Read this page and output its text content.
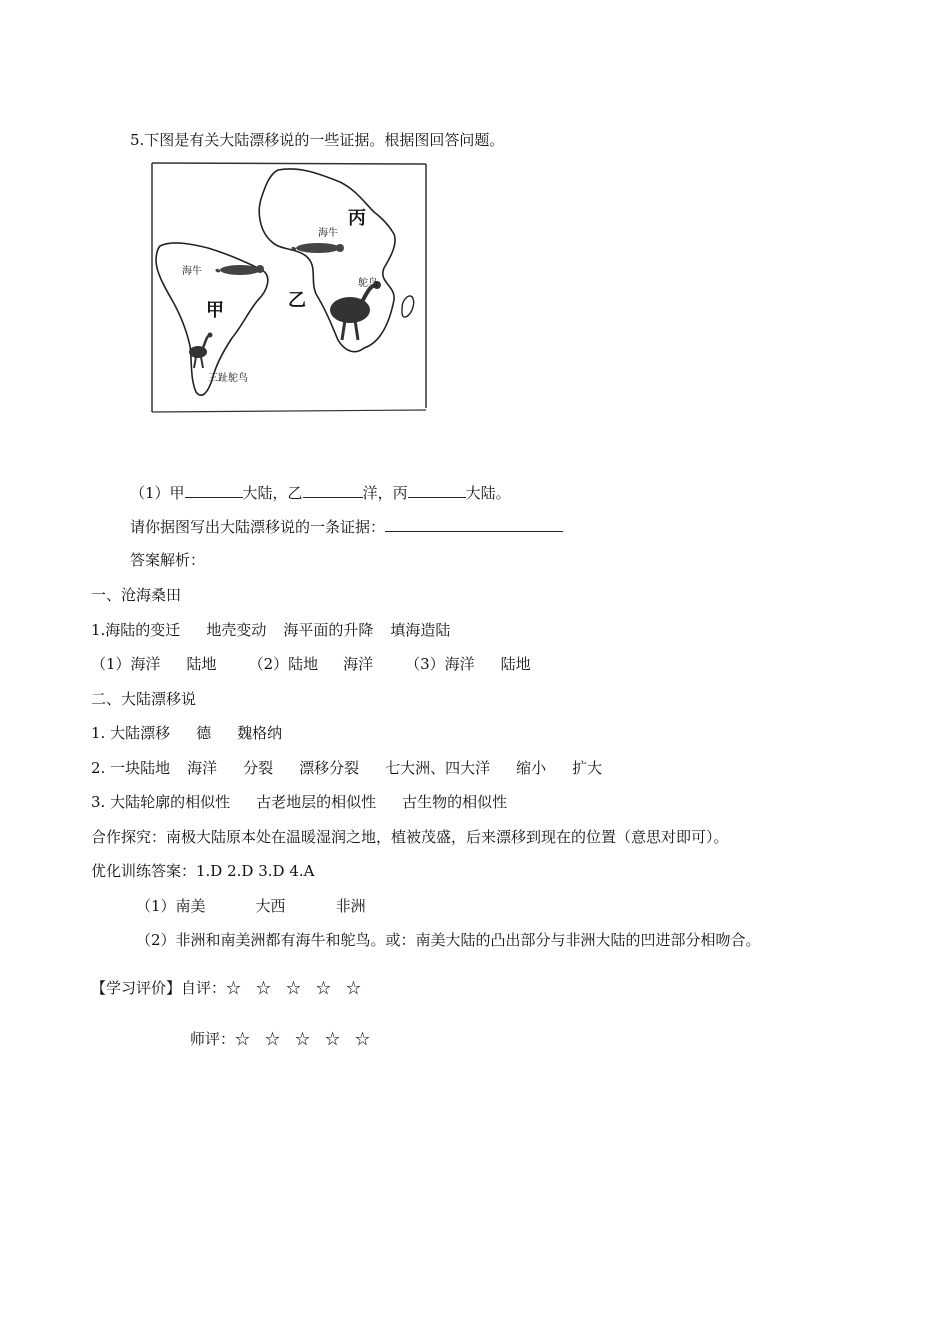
5.下图是有关大陆漂移说的一些证据。根据图回答问题。
丙
乙
甲
海牛
海牛
鸵鸟
三趾鸵鸟
（1）甲	大陆，乙	洋，丙	大陆。
请你据图写出大陆漂移说的一条证据：
答案解析：
一、沧海桑田
1.海陆的变迁 地壳变动 海平面的升降 填海造陆
（1）海洋 陆地 （2）陆地 海洋 （3）海洋 陆地
二、大陆漂移说
1. 大陆漂移 德 魏格纳
2. 一块陆地 海洋 分裂 漂移分裂 七大洲、四大洋 缩小 扩大
3. 大陆轮廓的相似性 古老地层的相似性 古生物的相似性
合作探究：南极大陆原本处在温暖湿润之地，植被茂盛，后来漂移到现在的位置（意思对即可）。
优化训练答案：1.D 2.D 3.D 4.A
（1）南美	大西	非洲
（2）非洲和南美洲都有海牛和鸵鸟。或：南美大陆的凸出部分与非洲大陆的凹进部分相吻合。
【学习评价】自评：☆　☆　☆　☆　☆
师评：☆　☆　☆　☆　☆
